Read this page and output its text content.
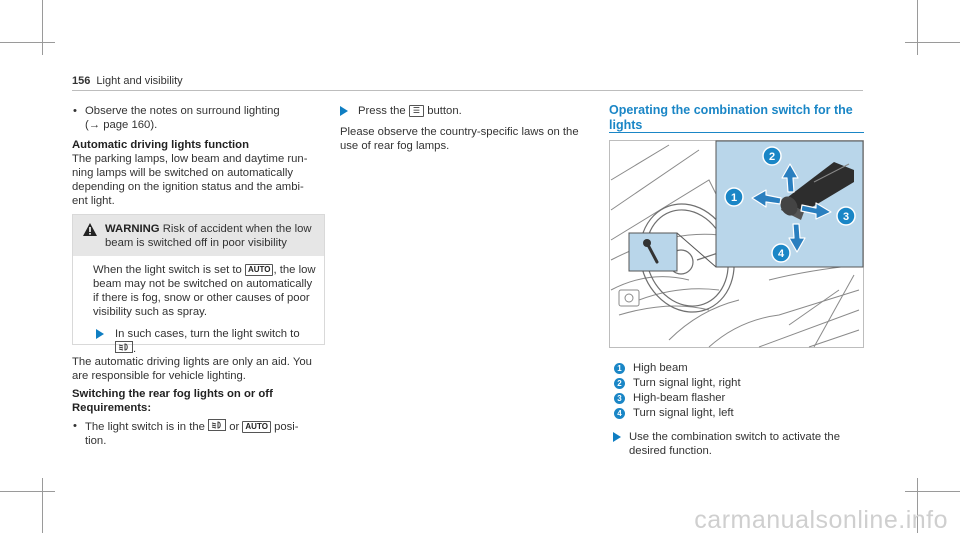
156 Light and visibility
• Observe the notes on surround lighting
(→ page 160).
Automatic driving lights function
The parking lamps, low beam and daytime run-
ning lamps will be switched on automatically
depending on the ignition status and the ambi-
ent light.
WARNING Risk of accident when the low
beam is switched off in poor visibility
When the light switch is set to AUTO , the low
beam may not be switched on automatically
if there is fog, snow or other causes of poor
visibility such as spray.
In such cases, turn the light switch to
.
The automatic driving lights are only an aid. You
are responsible for vehicle lighting.
Switching the rear fog lights on or off
Requirements:
• The light switch is in the or AUTO posi-
tion.
Press the ☰ button.
Please observe the country-specific laws on the
use of rear fog lamps.
Operating the combination switch for the
lights
1
2
3
4
1 High beam
2 Turn signal light, right
3 High-beam flasher
4 Turn signal light, left
Use the combination switch to activate the
desired function.
carmanualsonline.info
